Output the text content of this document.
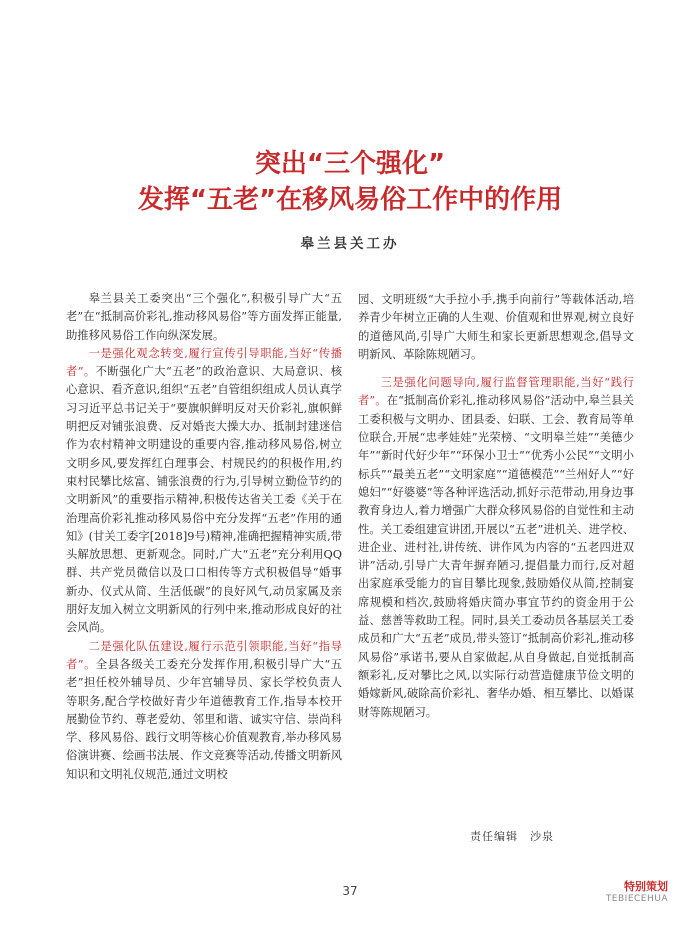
突出“三个强化”
发挥“五老”在移风易俗工作中的作用
皋兰县关工办

皋兰县关工委突出“三个强化”,积极引导广大“五老”在“抵制高价彩礼,推动移风易俗”等方面发挥正能量,助推移风易俗工作向纵深发展。

一是强化观念转变,履行宣传引导职能,当好“传播者”。不断强化广大“五老”的政治意识、大局意识、核心意识、看齐意识,组织“五老”自管组织组成人员认真学习习近平总书记关于“要旗帜鲜明反对天价彩礼,旗帜鲜明把反对铺张浪费、反对婚丧大操大办、抵制封建迷信作为农村精神文明建设的重要内容,推动移风易俗,树立文明乡风,要发挥红白理事会、村规民约的积极作用,约束村民攀比炫富、铺张浪费的行为,引导树立勤俭节约的文明新风”的重要指示精神,积极传达省关工委《关于在治理高价彩礼推动移风易俗中充分发挥“五老”作用的通知》(甘关工委字[2018]9号)精神,准确把握精神实质,带头解放思想、更新观念。同时,广大“五老”充分利用QQ群、共产党员微信以及口口相传等方式积极倡导“婚事新办、仪式从简、生活低碳”的良好风气,动员家属及亲朋好友加入树立文明新风的行列中来,推动形成良好的社会风尚。

二是强化队伍建设,履行示范引领职能,当好“指导者”。全县各级关工委充分发挥作用,积极引导广大“五老”担任校外辅导员、少年宫辅导员、家长学校负责人等职务,配合学校做好青少年道德教育工作,指导本校开展勤俭节约、尊老爱幼、邻里和谐、诚实守信、崇尚科学、移风易俗、践行文明等核心价值观教育,举办移风易俗演讲赛、绘画书法展、作文竞赛等活动,传播文明新风知识和文明礼仪规范,通过文明校

园、文明班级“大手拉小手,携手向前行”等载体活动,培养青少年树立正确的人生观、价值观和世界观,树立良好的道德风尚,引导广大师生和家长更新思想观念,倡导文明新风、革除陈规陋习。

三是强化问题导向,履行监督管理职能,当好“践行者”。在“抵制高价彩礼,推动移风易俗”活动中,皋兰县关工委积极与文明办、团县委、妇联、工会、教育局等单位联合,开展“忠孝娃娃”光荣榜、“文明皋兰娃”“美德少年”“新时代好少年”“环保小卫士”“优秀小公民”“文明小标兵”“最美五老”“文明家庭”“道德模范”“兰州好人”“好媳妇”“好婆婆”等各种评选活动,抓好示范带动,用身边事教育身边人,着力增强广大群众移风易俗的自觉性和主动性。关工委组建宣讲团,开展以“五老”进机关、进学校、进企业、进村社,讲传统、讲作风为内容的“五老四进双讲”活动,引导广大青年摒弃陋习,提倡量力而行,反对超出家庭承受能力的盲目攀比现象,鼓励婚仪从简,控制宴席规模和档次,鼓励将婚庆简办事宜节约的资金用于公益、慈善等救助工程。同时,县关工委动员各基层关工委成员和广大“五老”成员,带头签订“抵制高价彩礼,推动移风易俗”承诺书,要从自家做起,从自身做起,自觉抵制高额彩礼,反对攀比之风,以实际行动营造健康节俭文明的婚嫁新风,破除高价彩礼、奢华办婚、相互攀比、以婚谋财等陈规陋习。

责任编辑　沙泉
37	特别策划
TEBIECEHUA
